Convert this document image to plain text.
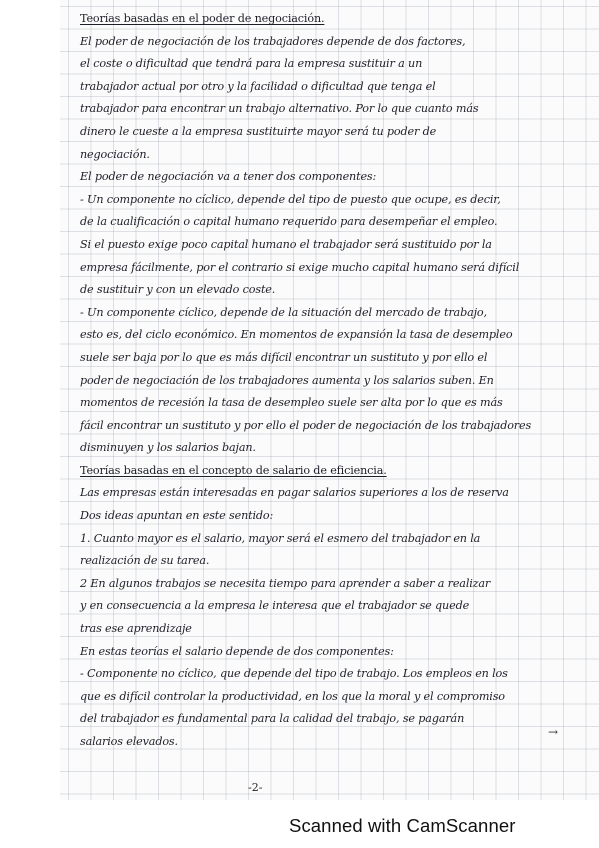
Teorías basadas en el poder de negociación.
El poder de negociación de los trabajadores depende de dos factores,
el coste o dificultad que tendrá para la empresa sustituir a un
trabajador actual por otro y la facilidad o dificultad que tenga el
trabajador para encontrar un trabajo alternativo. Por lo que cuanto más
dinero le cueste a la empresa sustituirte mayor será tu poder de
negociación.
El poder de negociación va a tener dos componentes:
- Un componente no cíclico, depende del tipo de puesto que ocupe, es decir,
de la cualificación o capital humano requerido para desempeñar el empleo.
Si el puesto exige poco capital humano el trabajador será sustituido por la
empresa fácilmente, por el contrario si exige mucho capital humano será difícil
de sustituir y con un elevado coste.
- Un componente cíclico, depende de la situación del mercado de trabajo,
esto es, del ciclo económico. En momentos de expansión la tasa de desempleo
suele ser baja por lo que es más difícil encontrar un sustituto y por ello el
poder de negociación de los trabajadores aumenta y los salarios suben. En
momentos de recesión la tasa de desempleo suele ser alta por lo que es más
fácil encontrar un sustituto y por ello el poder de negociación de los trabajadores
disminuyen y los salarios bajan.
Teorías basadas en el concepto de salario de eficiencia.
Las empresas están interesadas en pagar salarios superiores a los de reserva
Dos ideas apuntan en este sentido:
1. Cuanto mayor es el salario, mayor será el esmero del trabajador en la
realización de su tarea.
2 En algunos trabajos se necesita tiempo para aprender a saber a realizar
y en consecuencia a la empresa le interesa que el trabajador se quede
tras ese aprendizaje
En estas teorías el salario depende de dos componentes:
- Componente no cíclico, que depende del tipo de trabajo. Los empleos en los
que es difícil controlar la productividad, en los que la moral y el compromiso
del trabajador es fundamental para la calidad del trabajo, se pagarán
salarios elevados.
→
-2-
Scanned with CamScanner
